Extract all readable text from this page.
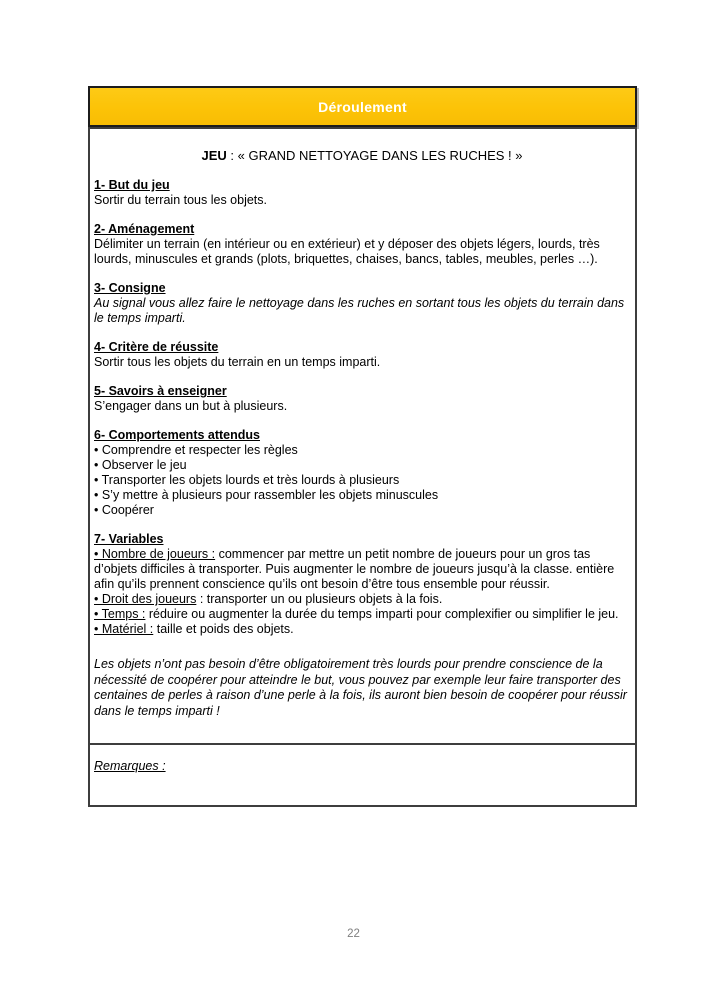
Déroulement

JEU : « GRAND NETTOYAGE DANS LES RUCHES ! »

1- But du jeu

Sortir du terrain tous les objets.

2- Aménagement

Délimiter un terrain (en intérieur ou en extérieur) et y déposer des objets légers, lourds, très lourds, minuscules et grands (plots, briquettes, chaises, bancs, tables, meubles, perles …).

3- Consigne

Au signal vous allez faire le nettoyage dans les ruches en sortant tous les objets du terrain dans le temps imparti.

4- Critère de réussite

Sortir tous les objets du terrain en un temps imparti.

5- Savoirs à enseigner

S’engager dans un but à plusieurs.

6- Comportements attendus

• Comprendre et respecter les règles

• Observer le jeu

• Transporter les objets lourds et très lourds à plusieurs

• S’y mettre à plusieurs pour rassembler les objets minuscules

• Coopérer

7- Variables

• Nombre de joueurs : commencer par mettre un petit nombre de joueurs pour un gros tas d’objets difficiles à transporter. Puis augmenter le nombre de joueurs jusqu’à la classe. entière afin qu’ils prennent conscience qu’ils ont besoin d’être tous ensemble pour réussir.

• Droit des joueurs : transporter un ou plusieurs objets à la fois.

• Temps : réduire ou augmenter la durée du temps imparti pour complexifier ou simplifier le jeu.

• Matériel : taille et poids des objets.

Les objets n’ont pas besoin d’être obligatoirement très lourds pour prendre conscience de la nécessité de coopérer pour atteindre le but, vous pouvez par exemple leur faire transporter des centaines de perles à raison d’une perle à la fois, ils auront bien besoin de coopérer pour réussir dans le temps imparti !

Remarques :

22
